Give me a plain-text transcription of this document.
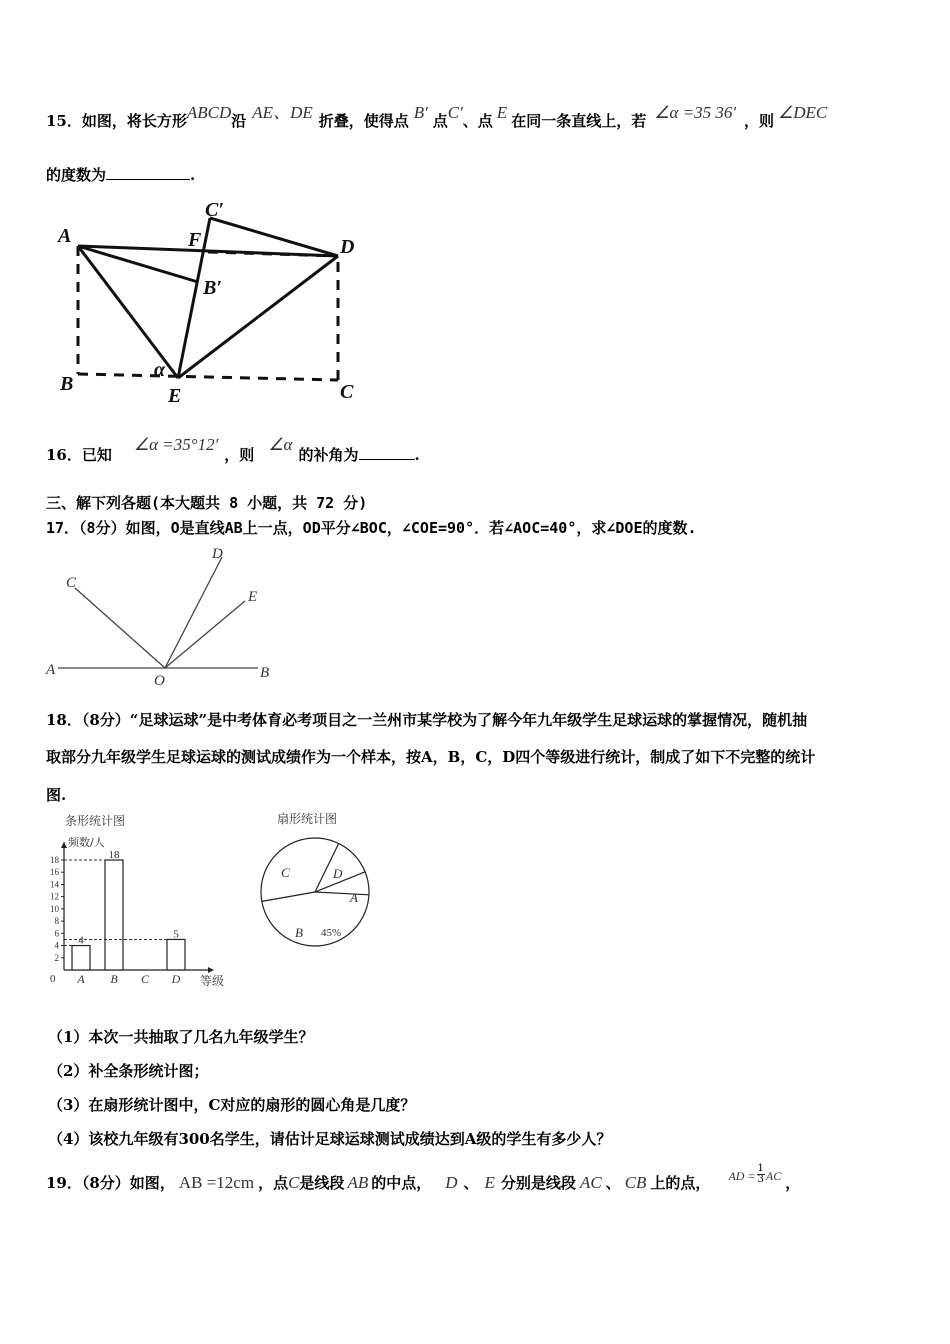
15．如图，将长方形ABCD沿 AE、DE 折叠，使得点 B' 点C'、点 E 在同一条直线上，若 ∠α =35 36' ，则 ∠DEC
的度数为	.
A	F
C′
D
B′
α
B
E	C
16．已知∠α =35°12′，则∠α的补角为	.
三、解下列各题(本大题共 8 小题，共 72 分)
17．（8分）如图，O是直线AB上一点，OD平分∠BOC，∠COE=90°．若∠AOC=40°，求∠DOE的度数.
C
D
E
A
O	B
18．（8分）“足球运球”是中考体育必考项目之一兰州市某学校为了解今年九年级学生足球运球的掌握情况，随机抽
取部分九年级学生足球运球的测试成绩作为一个样本，按A，B，C，D四个等级进行统计，制成了如下不完整的统计
图.
条形统计图
频数/人
2
4
6
8
10
12
14
16
18
0 A
4
B
18
C D
5
等级
扇形统计图
A
B 45%
C	D
（1）本次一共抽取了几名九年级学生？
（2）补全条形统计图；
（3）在扇形统计图中，C对应的扇形的圆心角是几度？
（4）该校九年级有300名学生，请估计足球运球测试成绩达到A级的学生有多少人？
19．（8分）如图， AB =12cm ，点C是线段 AB 的中点， D 、 E 分别是线段 AC 、 CB 上的点， $^{AD =} \frac{1}{3} ^{AC}$ ，
